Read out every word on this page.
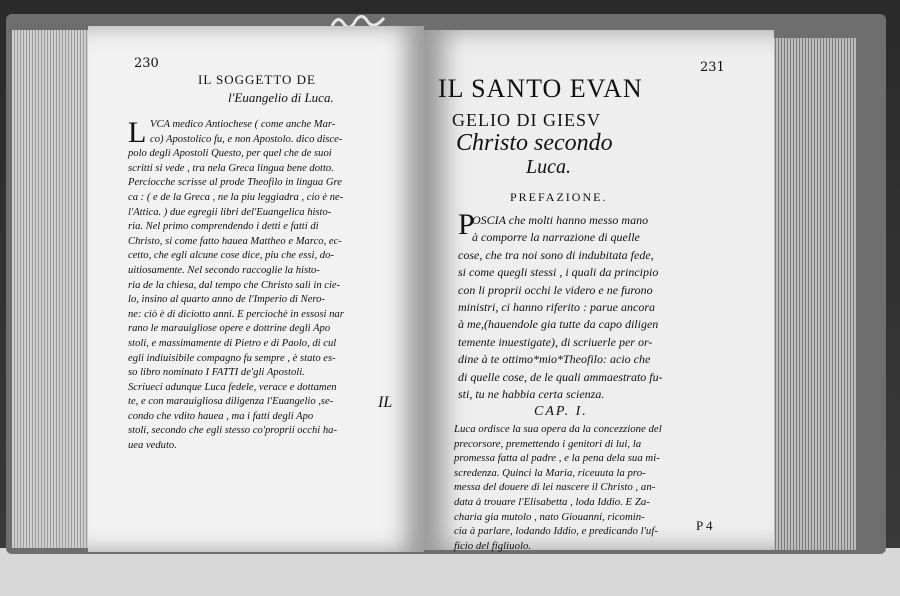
230
IL SOGGETTO DE
l'Euangelio di Luca.
L VCA medico Antiochese ( come anche Mar-
co) Apostolico fu, e non Apostolo. dico disce-
polo degli Apostoli Questo, per quel che de suoi
scritti si vede , tra nela Greca lingua bene dotto.
Perciocche scrisse al prode Theofilo in lingua Gre
ca : ( e de la Greca , ne la piu leggiadra , cio è ne-
l'Attica. ) due egregii libri del'Euangelica histo-
ria. Nel primo comprendendo i detti e fatti di
Christo, si come fatto hauea Mattheo e Marco, ec-
cetto, che egli alcune cose dice, piu che essi, do-
uitiosamente. Nel secondo raccoglie la histo-
ria de la chiesa, dal tempo che Christo sali in cie-
lo, insino al quarto anno de l'Imperio di Nero-
ne: ciò è di diciotto anni. E perciochè in essosi nar
rano le marauigliose opere e dottrine degli Apo
stoli, e massimamente di Pietro e di Paolo, di cul
egli indiuisibile compagno fu sempre , è stato es-
so libro nominato I FATTI de'gli Apostoli.
Scriueci adunque Luca fedele, verace e dottamen
te, e con marauigliosa diligenza l'Euangelio ,se-
condo che vdito hauea , ma i fatti degli Apo
stoli, secondo che egli stesso co'proprii occhi ha-
uea veduto.
IL
231
IL SANTO EVAN
GELIO DI GIESV
Christo secondo
Luca.
PREFAZIONE.
P
OSCIA che molti hanno messo mano
à comporre la narrazione di quelle
cose, che tra noi sono di indubitata fede,
si come quegli stessi , i quali da principio
con li proprii occhi le videro e ne furono
ministri, ci hanno riferito : parue ancora
à me,(hauendole gia tutte da capo diligen
temente inuestigate), di scriuerle per or-
dine à te ottimo*mio*Theofilo: acio che
di quelle cose, de le quali ammaestrato fu-
sti, tu ne habbia certa scienza.
CAP. I.
Luca ordisce la sua opera da la concezzione del
precorsore, premettendo i genitori di lui, la
promessa fatta al padre , e la pena dela sua mi-
scredenza. Quinci la Maria, riceuuta la pro-
messa del douere di lei nascere il Christo , an-
data à trouare l'Elisabetta , loda Iddio. E Za-
charia gia mutolo , nato Giouanni, ricomin-
cia à parlare, lodando Iddio, e predicando l'uf-
ficio del figliuolo.
P 4
